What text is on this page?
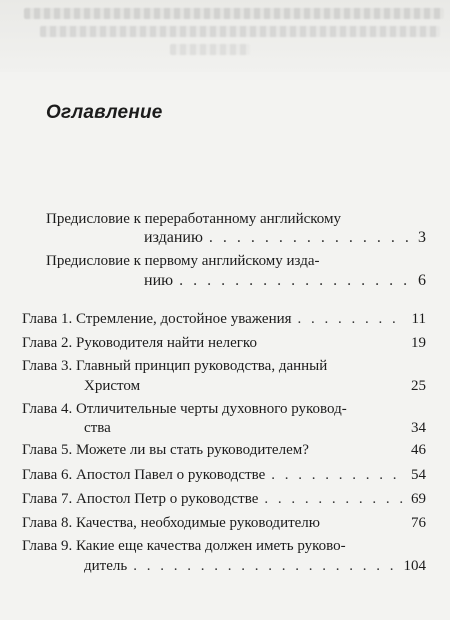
Оглавление
Предисловие к переработанному английскому
изданию . . .	3
Предисловие к первому английскому изда-
нию . . .	6
Глава 1.
Стремление, достойное уважения . . .	11
Глава 2.
Руководителя найти нелегко	19
Глава 3. Главный принцип руководства, данный
Христом	25
Глава 4. Отличительные черты духовного руковод-
ства	34
Глава 5.
Можете ли вы стать руководителем?	46
Глава 6.
Апостол Павел о руководстве . . .	54
Глава 7.
Апостол Петр о руководстве . . .	69
Глава 8.
Качества, необходимые руководителю	76
Глава 9. Какие еще качества должен иметь руково-
дитель . . .	104
